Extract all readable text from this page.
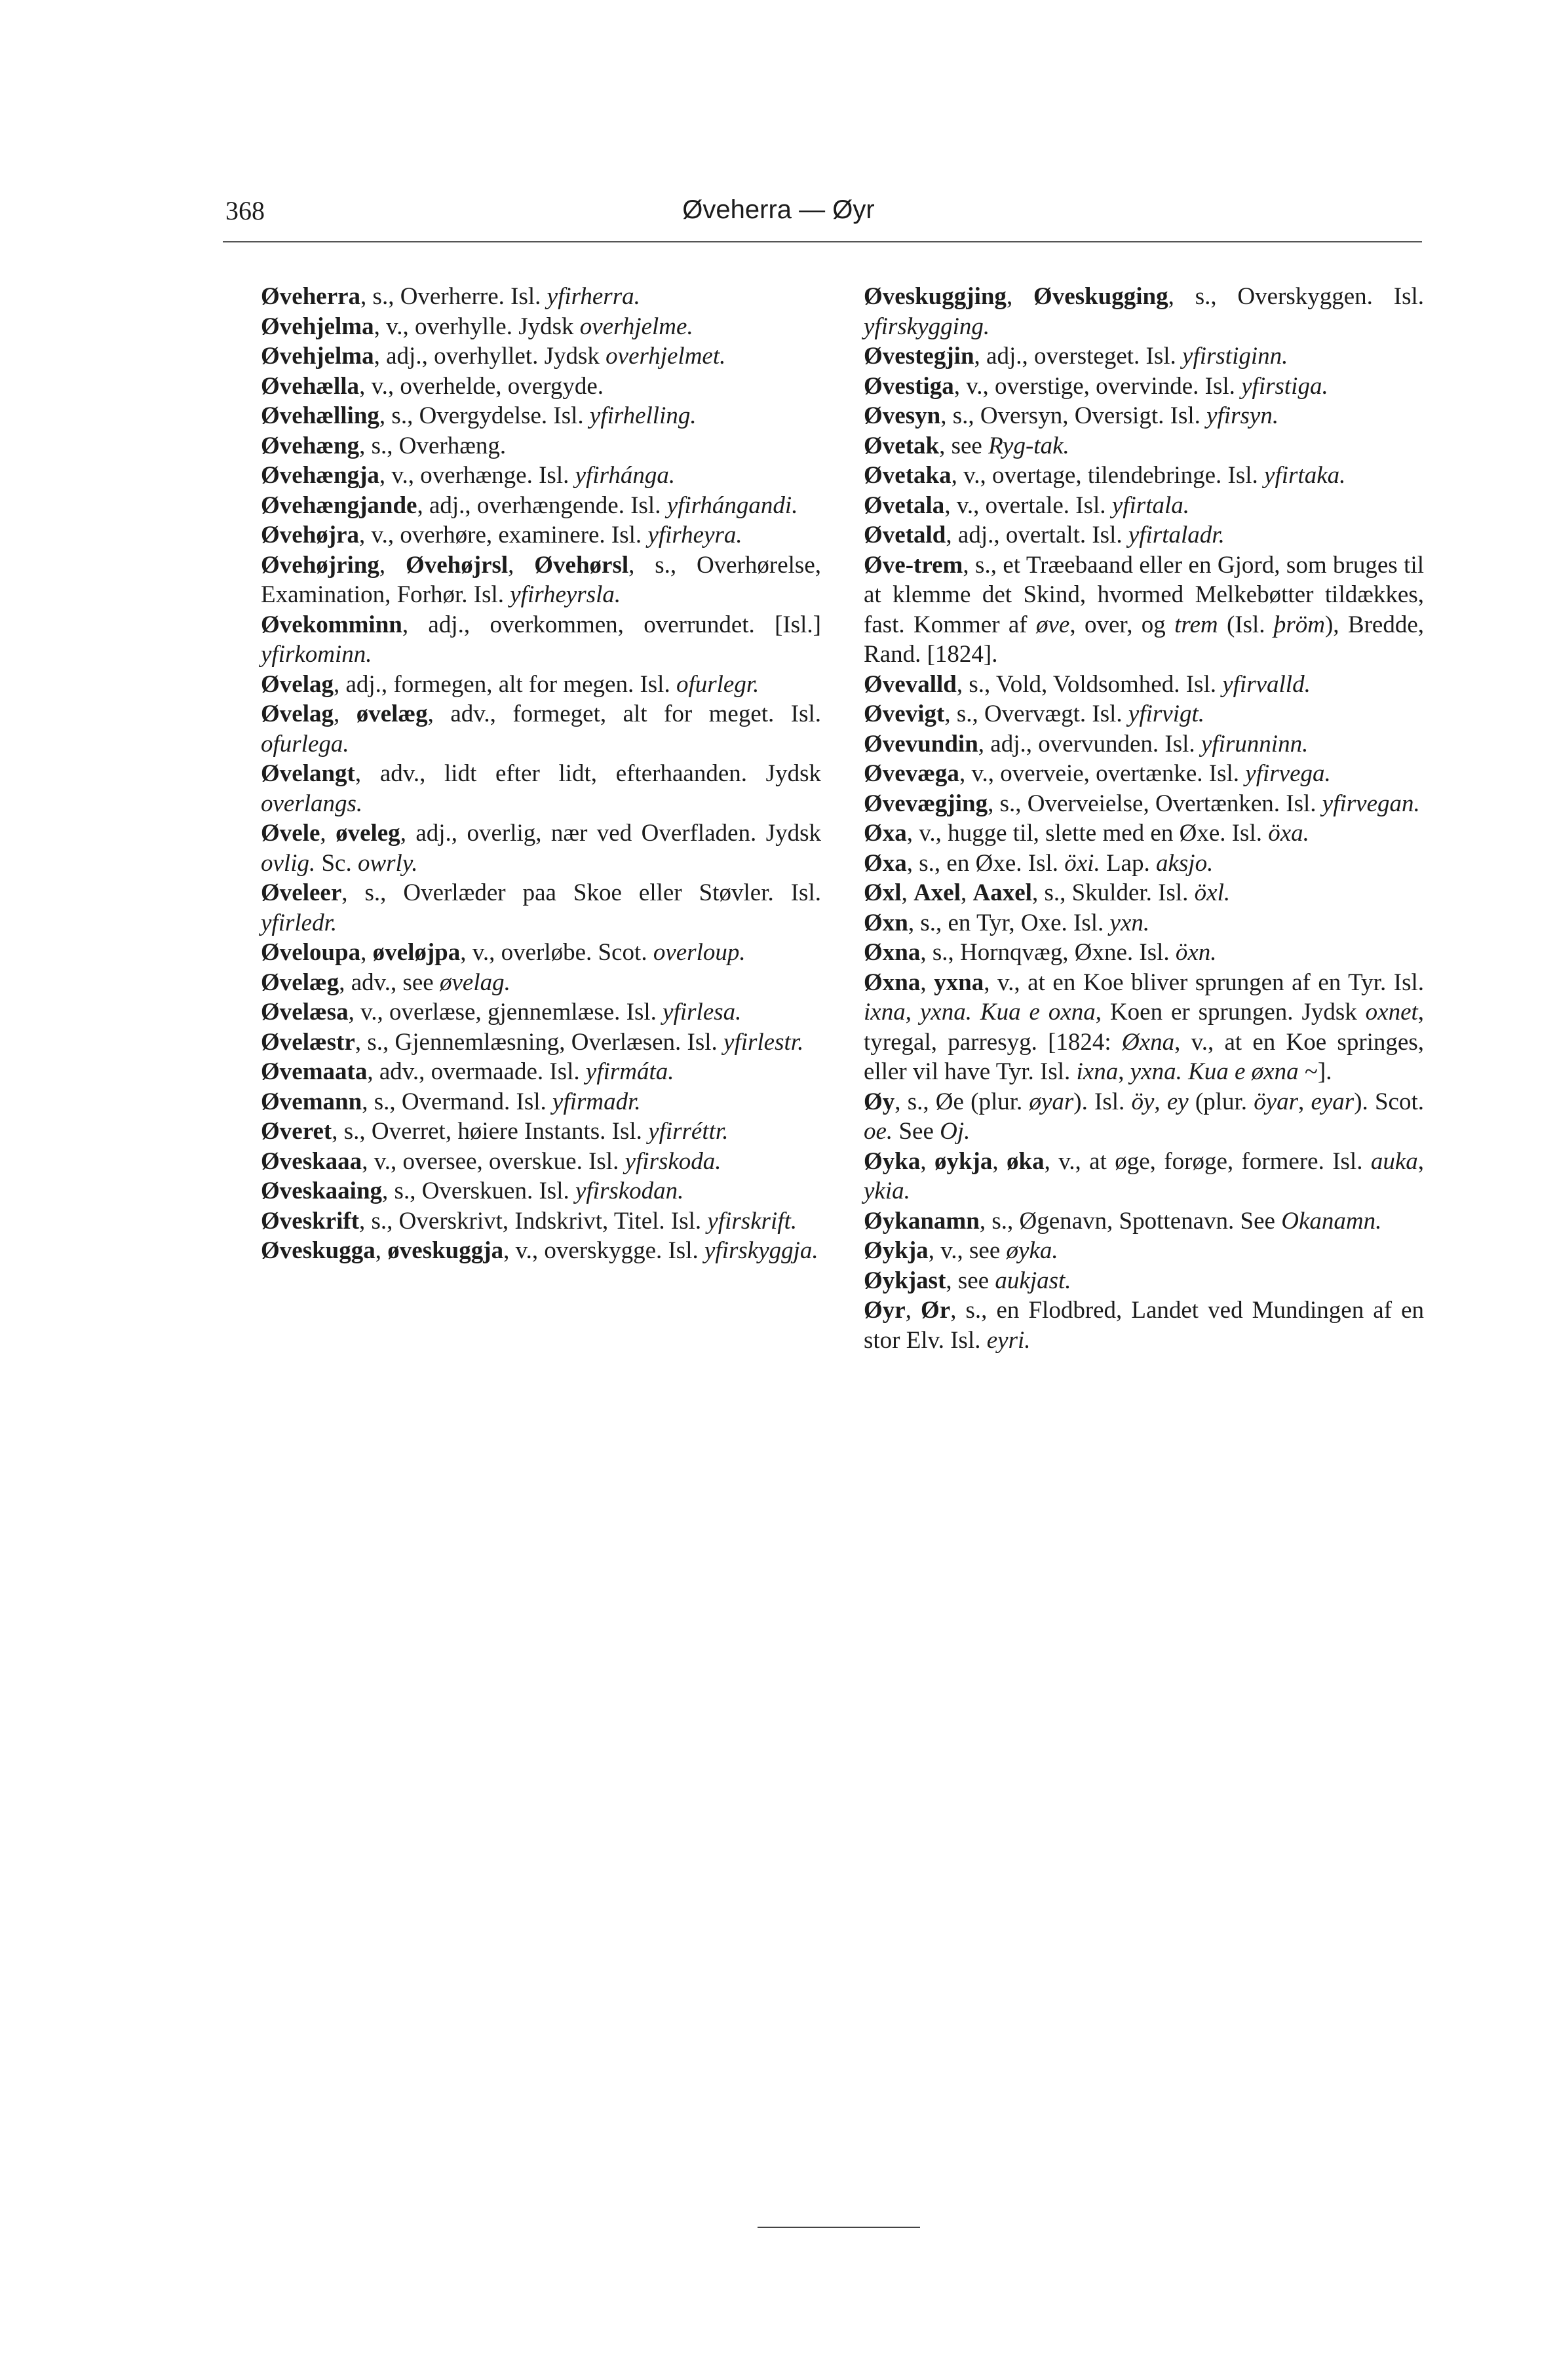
368	Øveherra — Øyr

Øveherra, s., Overherre. Isl. yfirherra.

Øvehjelma, v., overhylle. Jydsk overhjelme.

Øvehjelma, adj., overhyllet. Jydsk overhjelmet.

Øvehælla, v., overhelde, overgyde.

Øvehælling, s., Overgydelse. Isl. yfirhelling.

Øvehæng, s., Overhæng.

Øvehængja, v., overhænge. Isl. yfirhánga.

Øvehængjande, adj., overhængende. Isl. yfirhángandi.

Øvehøjra, v., overhøre, examinere. Isl. yfirheyra.

Øvehøjring, Øvehøjrsl, Øvehørsl, s., Overhørelse, Examination, Forhør. Isl. yfirheyrsla.

Øvekomminn, adj., overkommen, overrundet. [Isl.] yfirkominn.

Øvelag, adj., formegen, alt for megen. Isl. ofurlegr.

Øvelag, øvelæg, adv., formeget, alt for meget. Isl. ofurlega.

Øvelangt, adv., lidt efter lidt, efterhaanden. Jydsk overlangs.

Øvele, øveleg, adj., overlig, nær ved Overfladen. Jydsk ovlig. Sc. owrly.

Øveleer, s., Overlæder paa Skoe eller Støvler. Isl. yfirledr.

Øveloupa, øveløjpa, v., overløbe. Scot. overloup.

Øvelæg, adv., see øvelag.

Øvelæsa, v., overlæse, gjennemlæse. Isl. yfirlesa.

Øvelæstr, s., Gjennemlæsning, Overlæsen. Isl. yfirlestr.

Øvemaata, adv., overmaade. Isl. yfirmáta.

Øvemann, s., Overmand. Isl. yfirmadr.

Øveret, s., Overret, høiere Instants. Isl. yfirréttr.

Øveskaaa, v., oversee, overskue. Isl. yfirskoda.

Øveskaaing, s., Overskuen. Isl. yfirskodan.

Øveskrift, s., Overskrivt, Indskrivt, Titel. Isl. yfirskrift.

Øveskugga, øveskuggja, v., overskygge. Isl. yfirskyggja.

Øveskuggjing, Øveskugging, s., Overskyggen. Isl. yfirskygging.

Øvestegjin, adj., oversteget. Isl. yfirstiginn.

Øvestiga, v., overstige, overvinde. Isl. yfirstiga.

Øvesyn, s., Oversyn, Oversigt. Isl. yfirsyn.

Øvetak, see Ryg-tak.

Øvetaka, v., overtage, tilendebringe. Isl. yfirtaka.

Øvetala, v., overtale. Isl. yfirtala.

Øvetald, adj., overtalt. Isl. yfirtaladr.

Øve-trem, s., et Træebaand eller en Gjord, som bruges til at klemme det Skind, hvormed Melkebøtter tildækkes, fast. Kommer af øve, over, og trem (Isl. þröm), Bredde, Rand. [1824].

Øvevalld, s., Vold, Voldsomhed. Isl. yfirvalld.

Øvevigt, s., Overvægt. Isl. yfirvigt.

Øvevundin, adj., overvunden. Isl. yfirunninn.

Øvevæga, v., overveie, overtænke. Isl. yfirvega.

Øvevægjing, s., Overveielse, Overtænken. Isl. yfirvegan.

Øxa, v., hugge til, slette med en Øxe. Isl. öxa.

Øxa, s., en Øxe. Isl. öxi. Lap. aksjo.

Øxl, Axel, Aaxel, s., Skulder. Isl. öxl.

Øxn, s., en Tyr, Oxe. Isl. yxn.

Øxna, s., Hornqvæg, Øxne. Isl. öxn.

Øxna, yxna, v., at en Koe bliver sprungen af en Tyr. Isl. ixna, yxna. Kua e oxna, Koen er sprungen. Jydsk oxnet, tyregal, parresyg. [1824: Øxna, v., at en Koe springes, eller vil have Tyr. Isl. ixna, yxna. Kua e øxna ~].

Øy, s., Øe (plur. øyar). Isl. öy, ey (plur. öyar, eyar). Scot. oe. See Oj.

Øyka, øykja, øka, v., at øge, forøge, formere. Isl. auka, ykia.

Øykanamn, s., Øgenavn, Spottenavn. See Okanamn.

Øykja, v., see øyka.

Øykjast, see aukjast.

Øyr, Ør, s., en Flodbred, Landet ved Mundingen af en stor Elv. Isl. eyri.
